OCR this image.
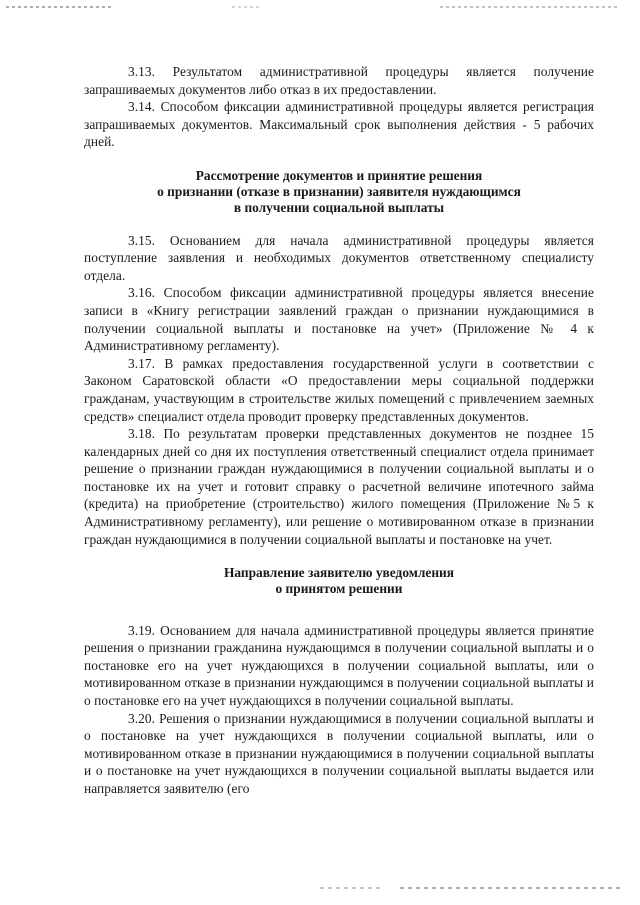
3.13. Результатом административной процедуры является получение запрашиваемых документов либо отказ в их предоставлении.

3.14. Способом фиксации административной процедуры является регистрация запрашиваемых документов. Максимальный срок выполнения действия - 5 рабочих дней.

Рассмотрение документов и принятие решения
о признании (отказе в признании) заявителя нуждающимся
в получении социальной выплаты

3.15. Основанием для начала административной процедуры является поступление заявления и необходимых документов ответственному специалисту отдела.

3.16. Способом фиксации административной процедуры является внесение записи в «Книгу регистрации заявлений граждан о признании нуждающимися в получении социальной выплаты и постановке на учет» (Приложение № 4 к Административному регламенту).

3.17. В рамках предоставления государственной услуги в соответствии с Законом Саратовской области «О предоставлении меры социальной поддержки гражданам, участвующим в строительстве жилых помещений с привлечением заемных средств» специалист отдела проводит проверку представленных документов.

3.18. По результатам проверки представленных документов не позднее 15 календарных дней со дня их поступления ответственный специалист отдела принимает решение о признании граждан нуждающимися в получении социальной выплаты и о постановке их на учет и готовит справку о расчетной величине ипотечного займа (кредита) на приобретение (строительство) жилого помещения (Приложение №5 к Административному регламенту), или решение о мотивированном отказе в признании граждан нуждающимися в получении социальной выплаты и постановке на учет.

Направление заявителю уведомления
о принятом решении

3.19. Основанием для начала административной процедуры является принятие решения о признании гражданина нуждающимся в получении социальной выплаты и о постановке его на учет нуждающихся в получении социальной выплаты, или о мотивированном отказе в признании нуждающимся в получении социальной выплаты и о постановке его на учет нуждающихся в получении социальной выплаты.

3.20. Решения о признании нуждающимися в получении социальной выплаты и о постановке на учет нуждающихся в получении социальной выплаты, или о мотивированном отказе в признании нуждающимися в получении социальной выплаты и о постановке на учет нуждающихся в получении социальной выплаты выдается или направляется заявителю (его
